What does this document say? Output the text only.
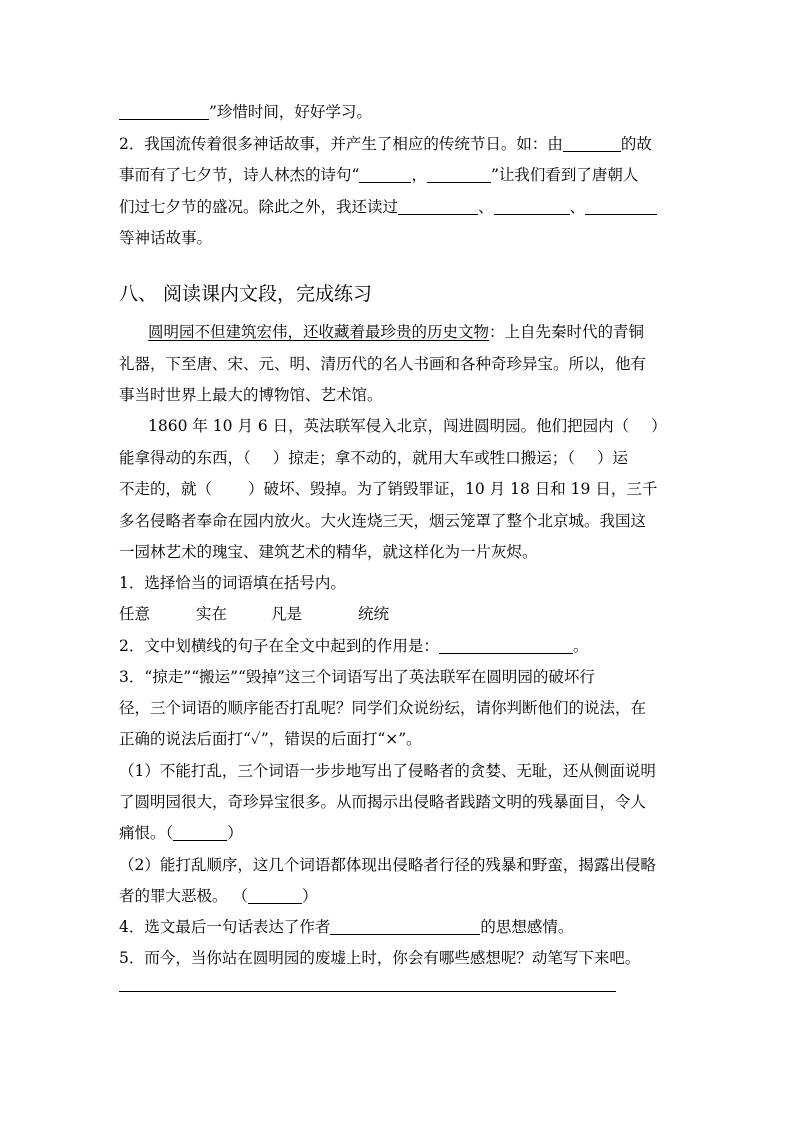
”珍惜时间，好好学习。
2．我国流传着很多神话故事，并产生了相应的传统节日。如：由	的故
事而有了七夕节，诗人林杰的诗句“	，	”让我们看到了唐朝人
们过七夕节的盛况。除此之外，我还读过	、	、
等神话故事。
八、 阅读课内文段，完成练习
圆明园不但建筑宏伟，还收藏着最珍贵的历史文物：上自先秦时代的青铜
礼器，下至唐、宋、元、明、清历代的名人书画和各种奇珍异宝。所以，他有
事当时世界上最大的博物馆、艺术馆。
1860 年 10 月 6 日，英法联军侵入北京，闯进圆明园。他们把园内（ ）
能拿得动的东西，（ ）掠走；拿不动的，就用大车或牲口搬运；（ ）运
不走的，就（ ）破坏、毁掉。为了销毁罪证，10 月 18 日和 19 日，三千
多名侵略者奉命在园内放火。大火连烧三天，烟云笼罩了整个北京城。我国这
一园林艺术的瑰宝、建筑艺术的精华，就这样化为一片灰烬。
1．选择恰当的词语填在括号内。
任意	实在	凡是	统统
2．文中划横线的句子在全文中起到的作用是：	。
3．“掠走”“搬运”“毁掉”这三个词语写出了英法联军在圆明园的破坏行
径，三个词语的顺序能否打乱呢？同学们众说纷纭，请你判断他们的说法，在
正确的说法后面打“✓”，错误的后面打“×”。
（1）不能打乱，三个词语一步步地写出了侵略者的贪婪、无耻，还从侧面说明
了圆明园很大，奇珍异宝很多。从而揭示出侵略者践踏文明的残暴面目，令人
痛恨。（	）
（2）能打乱顺序，这几个词语都体现出侵略者行径的残暴和野蛮，揭露出侵略
者的罪大恶极。 （	）
4．选文最后一句话表达了作者	的思想感情。
5．而今，当你站在圆明园的废墟上时，你会有哪些感想呢？动笔写下来吧。
